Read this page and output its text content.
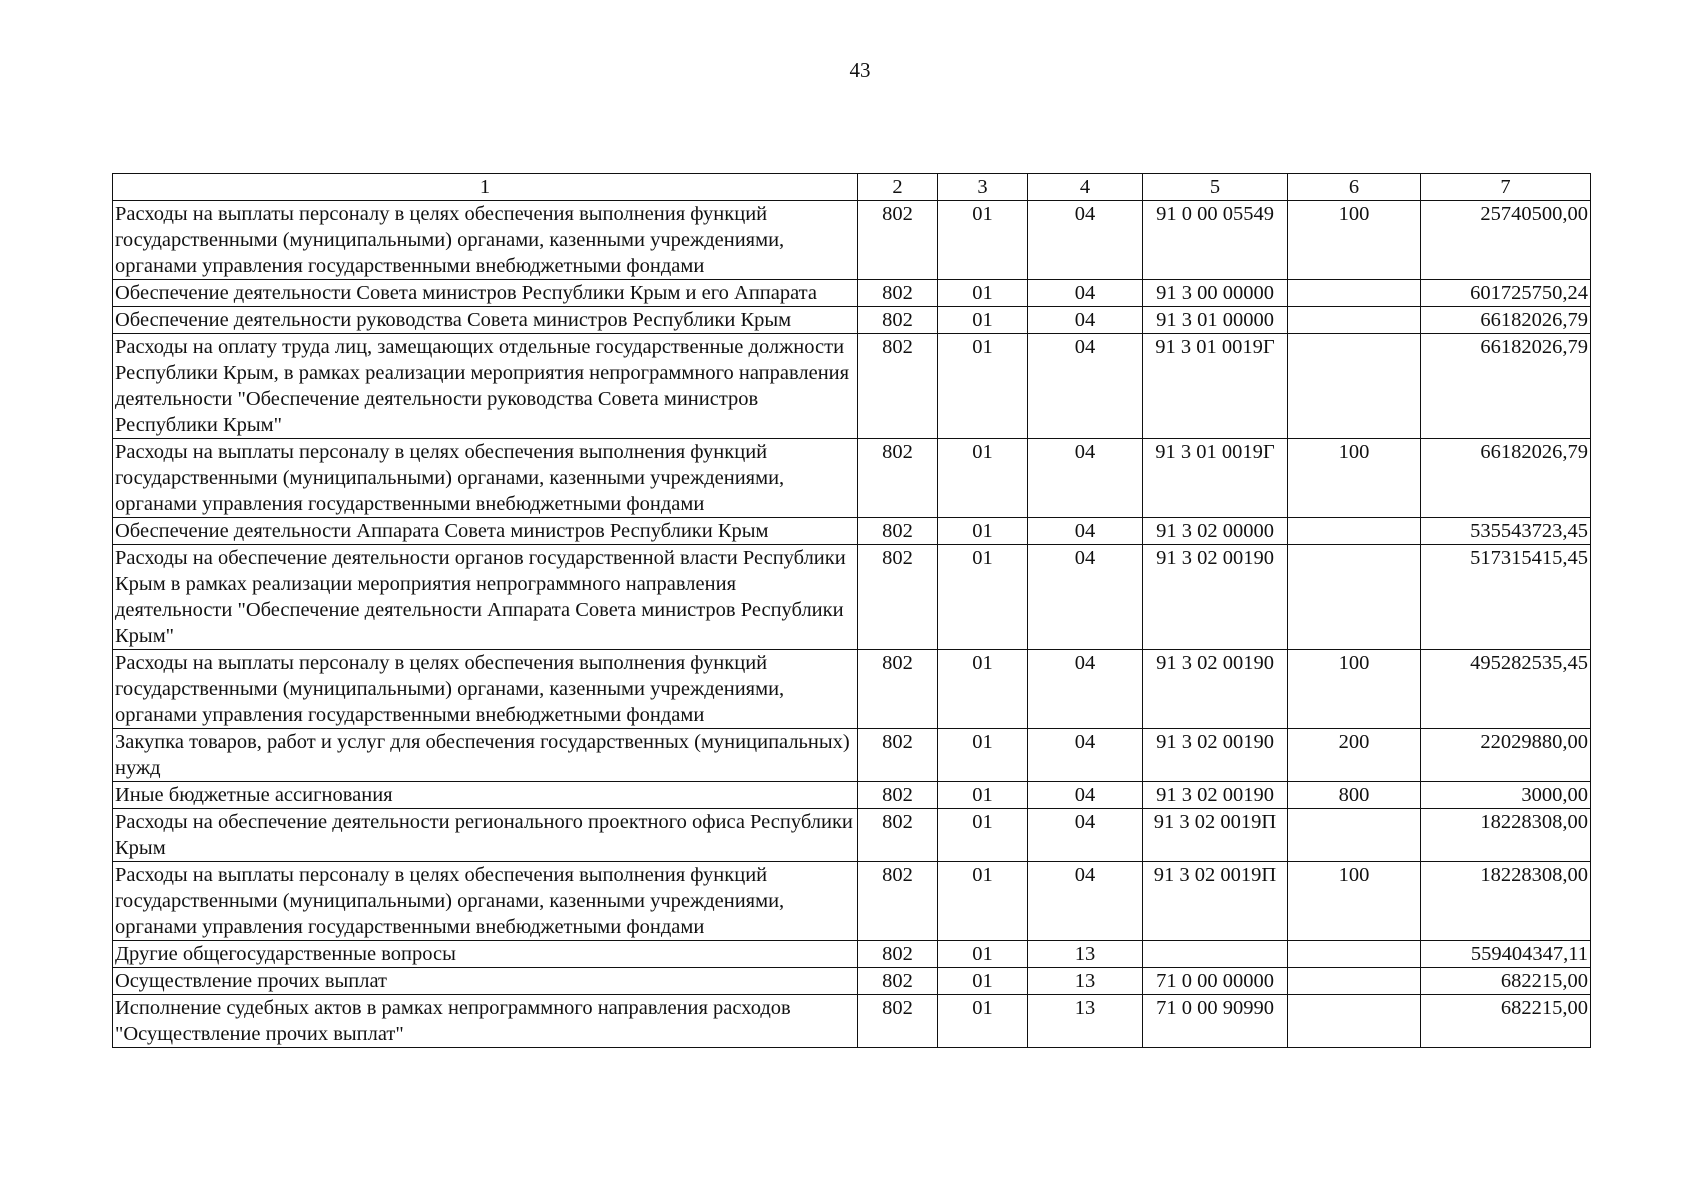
43
1	2	3	4	5	6	7
Расходы на выплаты персоналу в целях обеспечения выполнения функций государственными (муниципальными) органами, казенными учреждениями, органами управления государственными внебюджетными фондами	802	01	04	91 0 00 05549	100	25740500,00
Обеспечение деятельности Совета министров Республики Крым и его Аппарата	802	01	04	91 3 00 00000		601725750,24
Обеспечение деятельности руководства Совета министров Республики Крым	802	01	04	91 3 01 00000		66182026,79
Расходы на оплату труда лиц, замещающих отдельные государственные должности Республики Крым, в рамках реализации мероприятия непрограммного направления деятельности "Обеспечение деятельности руководства Совета министров Республики Крым"	802	01	04	91 3 01 0019Г		66182026,79
Расходы на выплаты персоналу в целях обеспечения выполнения функций государственными (муниципальными) органами, казенными учреждениями, органами управления государственными внебюджетными фондами	802	01	04	91 3 01 0019Г	100	66182026,79
Обеспечение деятельности Аппарата Совета министров Республики Крым	802	01	04	91 3 02 00000		535543723,45
Расходы на обеспечение деятельности органов государственной власти Республики Крым в рамках реализации мероприятия непрограммного направления деятельности "Обеспечение деятельности Аппарата Совета министров Республики Крым"	802	01	04	91 3 02 00190		517315415,45
Расходы на выплаты персоналу в целях обеспечения выполнения функций государственными (муниципальными) органами, казенными учреждениями, органами управления государственными внебюджетными фондами	802	01	04	91 3 02 00190	100	495282535,45
Закупка товаров, работ и услуг для обеспечения государственных (муниципальных) нужд	802	01	04	91 3 02 00190	200	22029880,00
Иные бюджетные ассигнования	802	01	04	91 3 02 00190	800	3000,00
Расходы на обеспечение деятельности регионального проектного офиса Республики Крым	802	01	04	91 3 02 0019П		18228308,00
Расходы на выплаты персоналу в целях обеспечения выполнения функций государственными (муниципальными) органами, казенными учреждениями, органами управления государственными внебюджетными фондами	802	01	04	91 3 02 0019П	100	18228308,00
Другие общегосударственные вопросы	802	01	13			559404347,11
Осуществление прочих выплат	802	01	13	71 0 00 00000		682215,00
Исполнение судебных актов в рамках непрограммного направления расходов "Осуществление прочих выплат"	802	01	13	71 0 00 90990		682215,00
